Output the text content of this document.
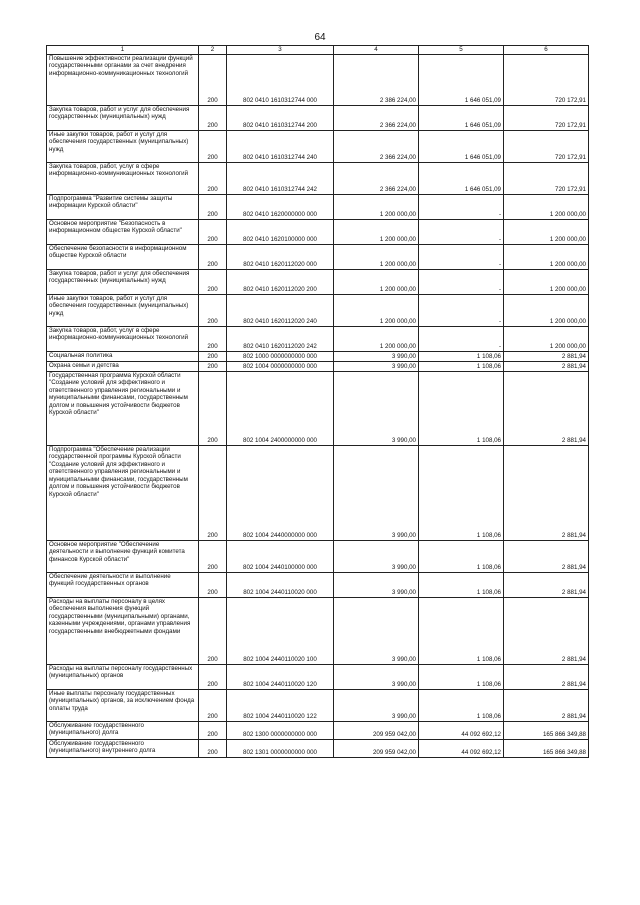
64
1	2	3	4	5	6
Повышение эффективности реализации функций государственными органами за счет внедрения информационно-коммуникационных технологий	200	802 0410 1610312744 000	2 386 224,00	1 646 051,09	720 172,91
Закупка товаров, работ и услуг для обеспечения государственных (муниципальных) нужд	200	802 0410 1610312744 200	2 366 224,00	1 646 051,09	720 172,91
Иные закупки товаров, работ и услуг для обеспечения государственных (муниципальных) нужд	200	802 0410 1610312744 240	2 366 224,00	1 646 051,09	720 172,91
Закупка товаров, работ, услуг в сфере информационно-коммуникационных технологий	200	802 0410 1610312744 242	2 366 224,00	1 646 051,09	720 172,91
Подпрограмма "Развитие системы защиты информации Курской области"	200	802 0410 1620000000 000	1 200 000,00	-	1 200 000,00
Основное мероприятие "Безопасность в информационном обществе Курской области"	200	802 0410 1620100000 000	1 200 000,00	-	1 200 000,00
Обеспечение безопасности в информационном обществе Курской области	200	802 0410 1620112020 000	1 200 000,00	-	1 200 000,00
Закупка товаров, работ и услуг для обеспечения государственных (муниципальных) нужд	200	802 0410 1620112020 200	1 200 000,00	-	1 200 000,00
Иные закупки товаров, работ и услуг для обеспечения государственных (муниципальных) нужд	200	802 0410 1620112020 240	1 200 000,00	-	1 200 000,00
Закупка товаров, работ, услуг в сфере информационно-коммуникационных технологий	200	802 0410 1620112020 242	1 200 000,00	-	1 200 000,00
Социальная политика	200	802 1000 0000000000 000	3 990,00	1 108,06	2 881,94
Охрана семьи и детства	200	802 1004 0000000000 000	3 990,00	1 108,06	2 881,94
Государственная программа Курской области "Создание условий для эффективного и ответственного управления региональными и муниципальными финансами, государственным долгом и повышения устойчивости бюджетов Курской области"	200	802 1004 2400000000 000	3 990,00	1 108,06	2 881,94
Подпрограмма "Обеспечение реализации государственной программы Курской области "Создание условий для эффективного и ответственного управления региональными и муниципальными финансами, государственным долгом и повышения устойчивости бюджетов Курской области"	200	802 1004 2440000000 000	3 990,00	1 108,06	2 881,94
Основное мероприятие "Обеспечение деятельности и выполнение функций комитета финансов Курской области"	200	802 1004 2440100000 000	3 990,00	1 108,06	2 881,94
Обеспечение деятельности и выполнение функций государственных органов	200	802 1004 2440110020 000	3 990,00	1 108,06	2 881,94
Расходы на выплаты персоналу в целях обеспечения выполнения функций государственными (муниципальными) органами, казенными учреждениями, органами управления государственными внебюджетными фондами	200	802 1004 2440110020 100	3 990,00	1 108,06	2 881,94
Расходы на выплаты персоналу государственных (муниципальных) органов	200	802 1004 2440110020 120	3 990,00	1 108,06	2 881,94
Иные выплаты персоналу государственных (муниципальных) органов, за исключением фонда оплаты труда	200	802 1004 2440110020 122	3 990,00	1 108,06	2 881,94
Обслуживание государственного (муниципального) долга	200	802 1300 0000000000 000	209 959 042,00	44 092 692,12	165 866 349,88
Обслуживание государственного (муниципального) внутреннего долга	200	802 1301 0000000000 000	209 959 042,00	44 092 692,12	165 866 349,88
